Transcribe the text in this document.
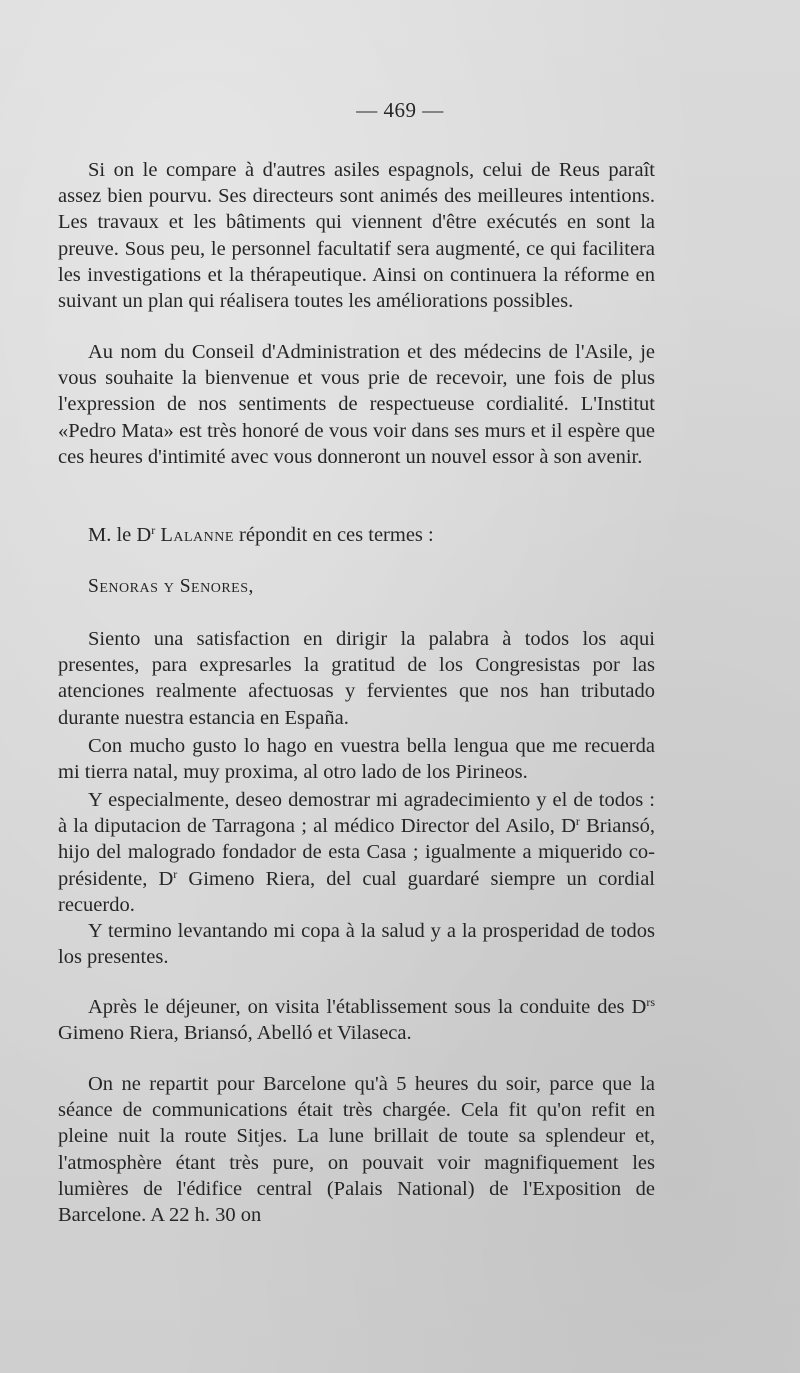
— 469 —

Si on le compare à d'autres asiles espagnols, celui de Reus paraît assez bien pourvu. Ses directeurs sont animés des meilleures intentions. Les travaux et les bâtiments qui viennent d'être exécutés en sont la preuve. Sous peu, le personnel facultatif sera augmenté, ce qui facilitera les investigations et la thérapeutique. Ainsi on continuera la réforme en suivant un plan qui réalisera toutes les améliorations possibles.

Au nom du Conseil d'Administration et des médecins de l'Asile, je vous souhaite la bienvenue et vous prie de recevoir, une fois de plus l'expression de nos sentiments de respectueuse cordialité. L'Institut «Pedro Mata» est très honoré de vous voir dans ses murs et il espère que ces heures d'intimité avec vous donneront un nouvel essor à son avenir.

M. le $D^r$ Lalanne répondit en ces termes :

Senoras y Senores,

Siento una satisfaction en dirigir la palabra à todos los aqui presentes, para expresarles la gratitud de los Congresistas por las atenciones realmente afectuosas y fervientes que nos han tributado durante nuestra estancia en España.

Con mucho gusto lo hago en vuestra bella lengua que me recuerda mi tierra natal, muy proxima, al otro lado de los Pirineos.

Y especialmente, deseo demostrar mi agradecimiento y el de todos : à la diputacion de Tarragona ; al médico Director del Asilo, $D^r$ Briansó, hijo del malogrado fondador de esta Casa ; igualmente a miquerido co-présidente, $D^r$ Gimeno Riera, del cual guardaré siempre un cordial recuerdo.

Y termino levantando mi copa à la salud y a la prosperidad de todos los presentes.

Après le déjeuner, on visita l'établissement sous la conduite des $D^{rs}$ Gimeno Riera, Briansó, Abelló et Vilaseca.

On ne repartit pour Barcelone qu'à 5 heures du soir, parce que la séance de communications était très chargée. Cela fit qu'on refit en pleine nuit la route Sitjes. La lune brillait de toute sa splendeur et, l'atmosphère étant très pure, on pouvait voir magnifiquement les lumières de l'édifice central (Palais National) de l'Exposition de Barcelone. A 22 h. 30 on
